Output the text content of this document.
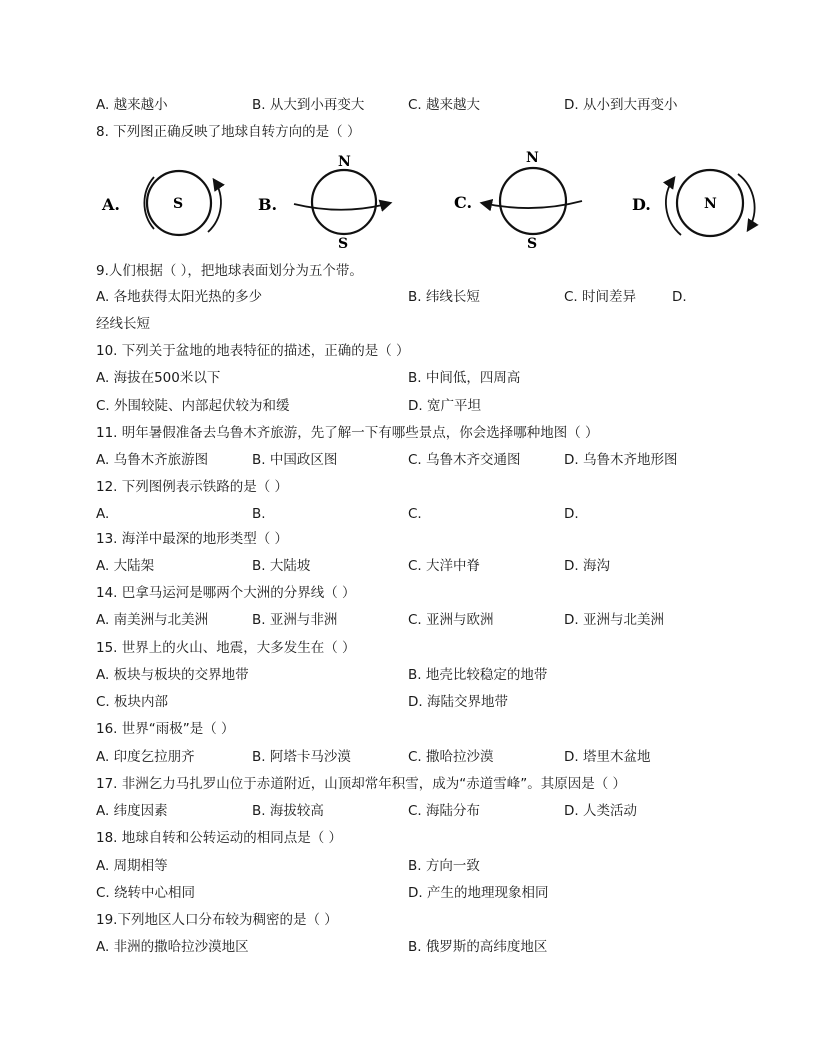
A. 越来越小	B. 从大到小再变大	C. 越来越大	D. 从小到大再变小
8. 下列图正确反映了地球自转方向的是（ ）
A.	S	B.
N
S
C.
N
S
D.	N
9.人们根据（ ），把地球表面划分为五个带。
A. 各地获得太阳光热的多少	B. 纬线长短	C. 时间差异	D.
经线长短
10. 下列关于盆地的地表特征的描述，正确的是（ ）
A. 海拔在500米以下	B. 中间低，四周高
C. 外围较陡、内部起伏较为和缓	D. 宽广平坦
11. 明年暑假准备去乌鲁木齐旅游，先了解一下有哪些景点，你会选择哪种地图（ ）
A. 乌鲁木齐旅游图	B. 中国政区图	C. 乌鲁木齐交通图	D. 乌鲁木齐地形图
12. 下列图例表示铁路的是（ ）
A.	B.	C.	D.
13. 海洋中最深的地形类型（ ）
A. 大陆架	B. 大陆坡	C. 大洋中脊	D. 海沟
14. 巴拿马运河是哪两个大洲的分界线（ ）
A. 南美洲与北美洲	B. 亚洲与非洲	C. 亚洲与欧洲	D. 亚洲与北美洲
15. 世界上的火山、地震，大多发生在（ ）
A. 板块与板块的交界地带	B. 地壳比较稳定的地带
C. 板块内部	D. 海陆交界地带
16. 世界“雨极”是（ ）
A. 印度乞拉朋齐	B. 阿塔卡马沙漠	C. 撒哈拉沙漠	D. 塔里木盆地
17. 非洲乞力马扎罗山位于赤道附近，山顶却常年积雪，成为“赤道雪峰”。其原因是（ ）
A. 纬度因素	B. 海拔较高	C. 海陆分布	D. 人类活动
18. 地球自转和公转运动的相同点是（ ）
A. 周期相等	B. 方向一致
C. 绕转中心相同	D. 产生的地理现象相同
19.下列地区人口分布较为稠密的是（ ）
A. 非洲的撒哈拉沙漠地区	B. 俄罗斯的高纬度地区
